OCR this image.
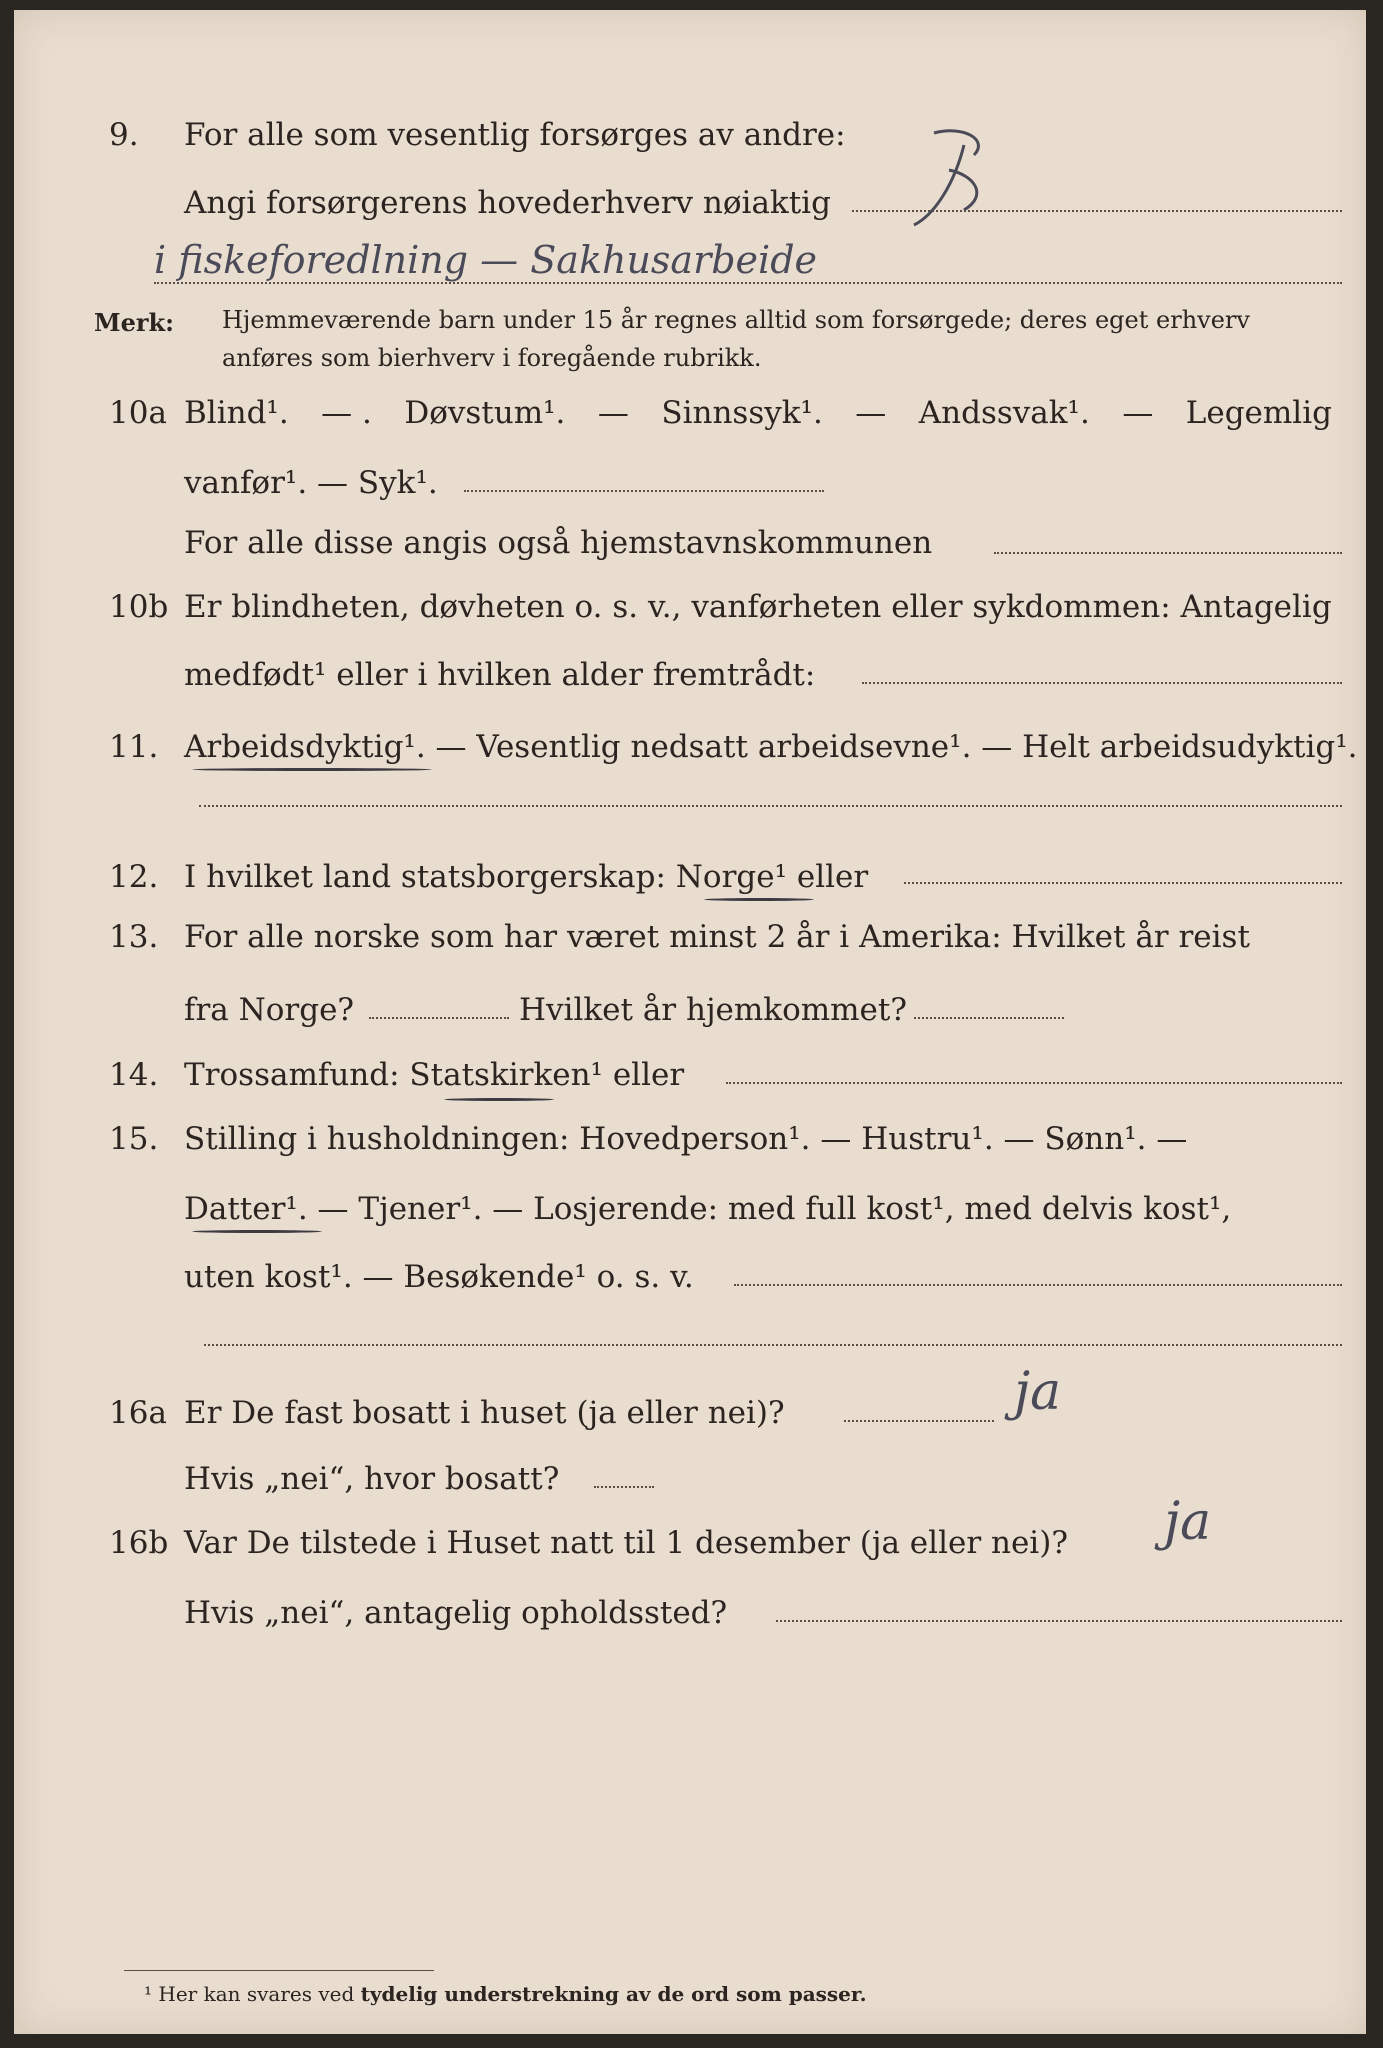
9. For alle som vesentlig forsørges av andre:
Angi forsørgerens hovederhverv nøiaktig
i fiskeforedlning — Sakhusarbeide
Merk: Hjemmeværende barn under 15 år regnes alltid som forsørgede; deres eget erhverv
anføres som bierhverv i foregående rubrikk.
10a Blind¹. — . Døvstum¹. — Sinnssyk¹. — Andssvak¹. — Legemlig
vanfør¹. — Syk¹.
For alle disse angis også hjemstavnskommunen
10b Er blindheten, døvheten o. s. v., vanførheten eller sykdommen: Antagelig
medfødt¹ eller i hvilken alder fremtrådt:
11. Arbeidsdyktig¹. — Vesentlig nedsatt arbeidsevne¹. — Helt arbeidsudyktig¹.
12. I hvilket land statsborgerskap: Norge¹ eller
13. For alle norske som har været minst 2 år i Amerika: Hvilket år reist
fra Norge?	Hvilket år hjemkommet?
14. Trossamfund: Statskirken¹ eller
15. Stilling i husholdningen: Hovedperson¹. — Hustru¹. — Sønn¹. —
Datter¹. — Tjener¹. — Losjerende: med full kost¹, med delvis kost¹,
uten kost¹. — Besøkende¹ o. s. v.
16a Er De fast bosatt i huset (ja eller nei)?	ja
Hvis „nei“, hvor bosatt?
16b Var De tilstede i Huset natt til 1 desember (ja eller nei)? ja
Hvis „nei“, antagelig opholdssted?
¹ Her kan svares ved tydelig understrekning av de ord som passer.
